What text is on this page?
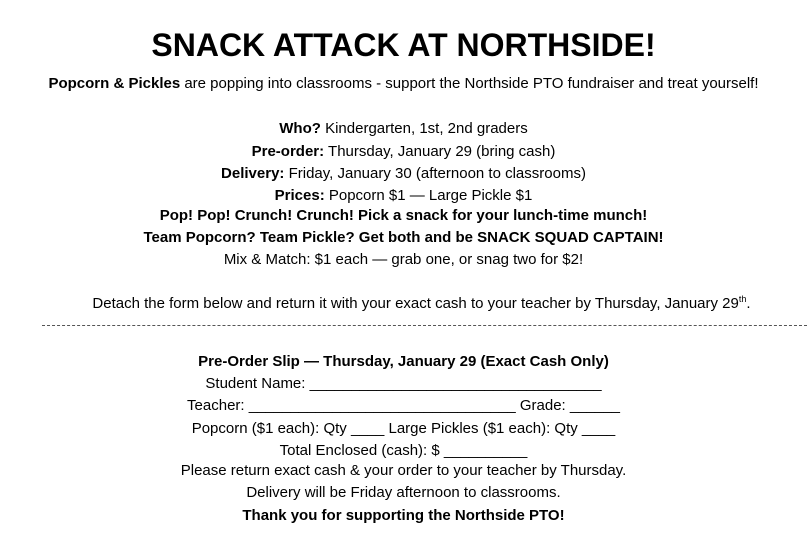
SNACK ATTACK AT NORTHSIDE!
Popcorn & Pickles are popping into classrooms - support the Northside PTO fundraiser and treat yourself!
Who? Kindergarten, 1st, 2nd graders
Pre-order: Thursday, January 29 (bring cash)
Delivery: Friday, January 30 (afternoon to classrooms)
Prices: Popcorn $1 — Large Pickle $1
Pop! Pop! Crunch! Crunch! Pick a snack for your lunch-time munch!
Team Popcorn? Team Pickle? Get both and be SNACK SQUAD CAPTAIN!
Mix & Match: $1 each — grab one, or snag two for $2!
Detach the form below and return it with your exact cash to your teacher by Thursday, January 29th.
Pre-Order Slip — Thursday, January 29 (Exact Cash Only)
Student Name: ___________________________________
Teacher: ________________________________ Grade: ______
Popcorn ($1 each): Qty ____ Large Pickles ($1 each): Qty ____
Total Enclosed (cash): $ __________
Please return exact cash & your order to your teacher by Thursday.
Delivery will be Friday afternoon to classrooms.
Thank you for supporting the Northside PTO!
